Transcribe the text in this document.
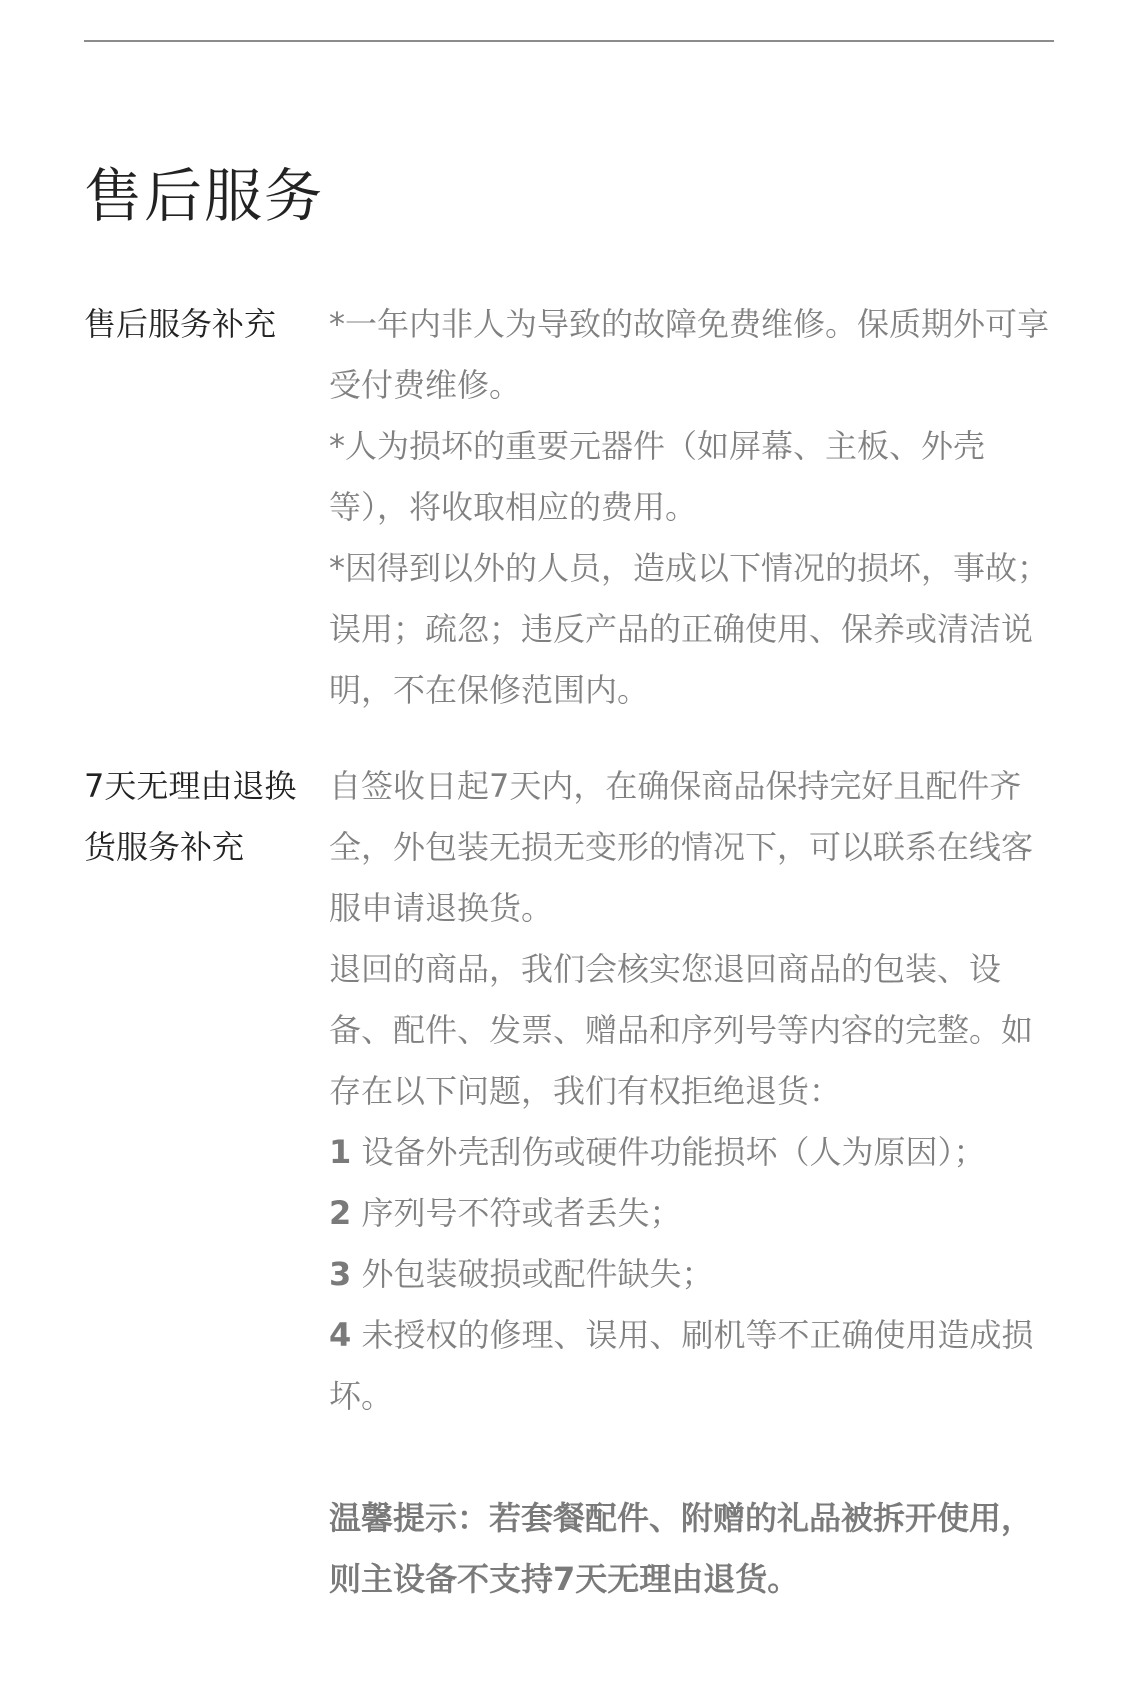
售后服务
售后服务补充	*一年内非人为导致的故障免费维修。保质期外可享受付费维修。

*人为损坏的重要元器件（如屏幕、主板、外壳等），将收取相应的费用。

*因得到以外的人员，造成以下情况的损坏，事故；误用；疏忽；违反产品的正确使用、保养或清洁说明，不在保修范围内。

7天无理由退换货服务补充

自签收日起7天内，在确保商品保持完好且配件齐全，外包装无损无变形的情况下，可以联系在线客服申请退换货。

退回的商品，我们会核实您退回商品的包装、设备、配件、发票、赠品和序列号等内容的完整。如存在以下问题，我们有权拒绝退货：

1 设备外壳刮伤或硬件功能损坏（人为原因）；

2 序列号不符或者丢失；

3 外包装破损或配件缺失；

4 未授权的修理、误用、刷机等不正确使用造成损坏。

温馨提示：若套餐配件、附赠的礼品被拆开使用，则主设备不支持7天无理由退货。
